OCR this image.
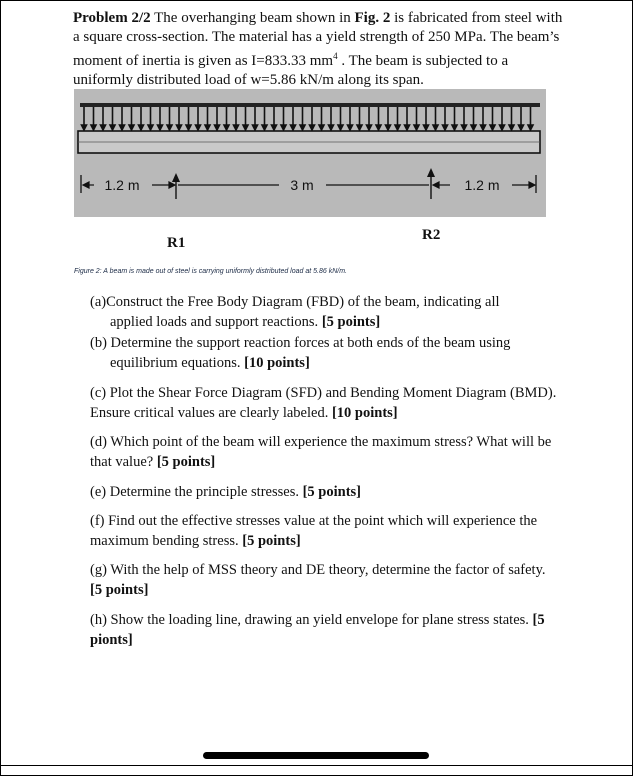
Problem 2/2 The overhanging beam shown in Fig. 2 is fabricated from steel with a square cross-section. The material has a yield strength of 250 MPa. The beam’s moment of inertia is given as I=833.33 $mm^4$ . The beam is subjected to a uniformly distributed load of w=5.86 kN/m along its span.
1.2 m	3 m	1.2 m
R1	R2
Figure 2: A beam is made out of steel is carrying uniformly distributed load at 5.86 kN/m.
(a)Construct the Free Body Diagram (FBD) of the beam, indicating all
applied loads and support reactions. [5 points]
(b) Determine the support reaction forces at both ends of the beam using
equilibrium equations. [10 points]
(c) Plot the Shear Force Diagram (SFD) and Bending Moment Diagram (BMD). Ensure critical values are clearly labeled. [10 points]
(d) Which point of the beam will experience the maximum stress? What will be that value? [5 points]
(e) Determine the principle stresses. [5 points]
(f) Find out the effective stresses value at the point which will experience the maximum bending stress. [5 points]
(g) With the help of MSS theory and DE theory, determine the factor of safety. [5 points]
(h) Show the loading line, drawing an yield envelope for plane stress states. [5 pionts]
